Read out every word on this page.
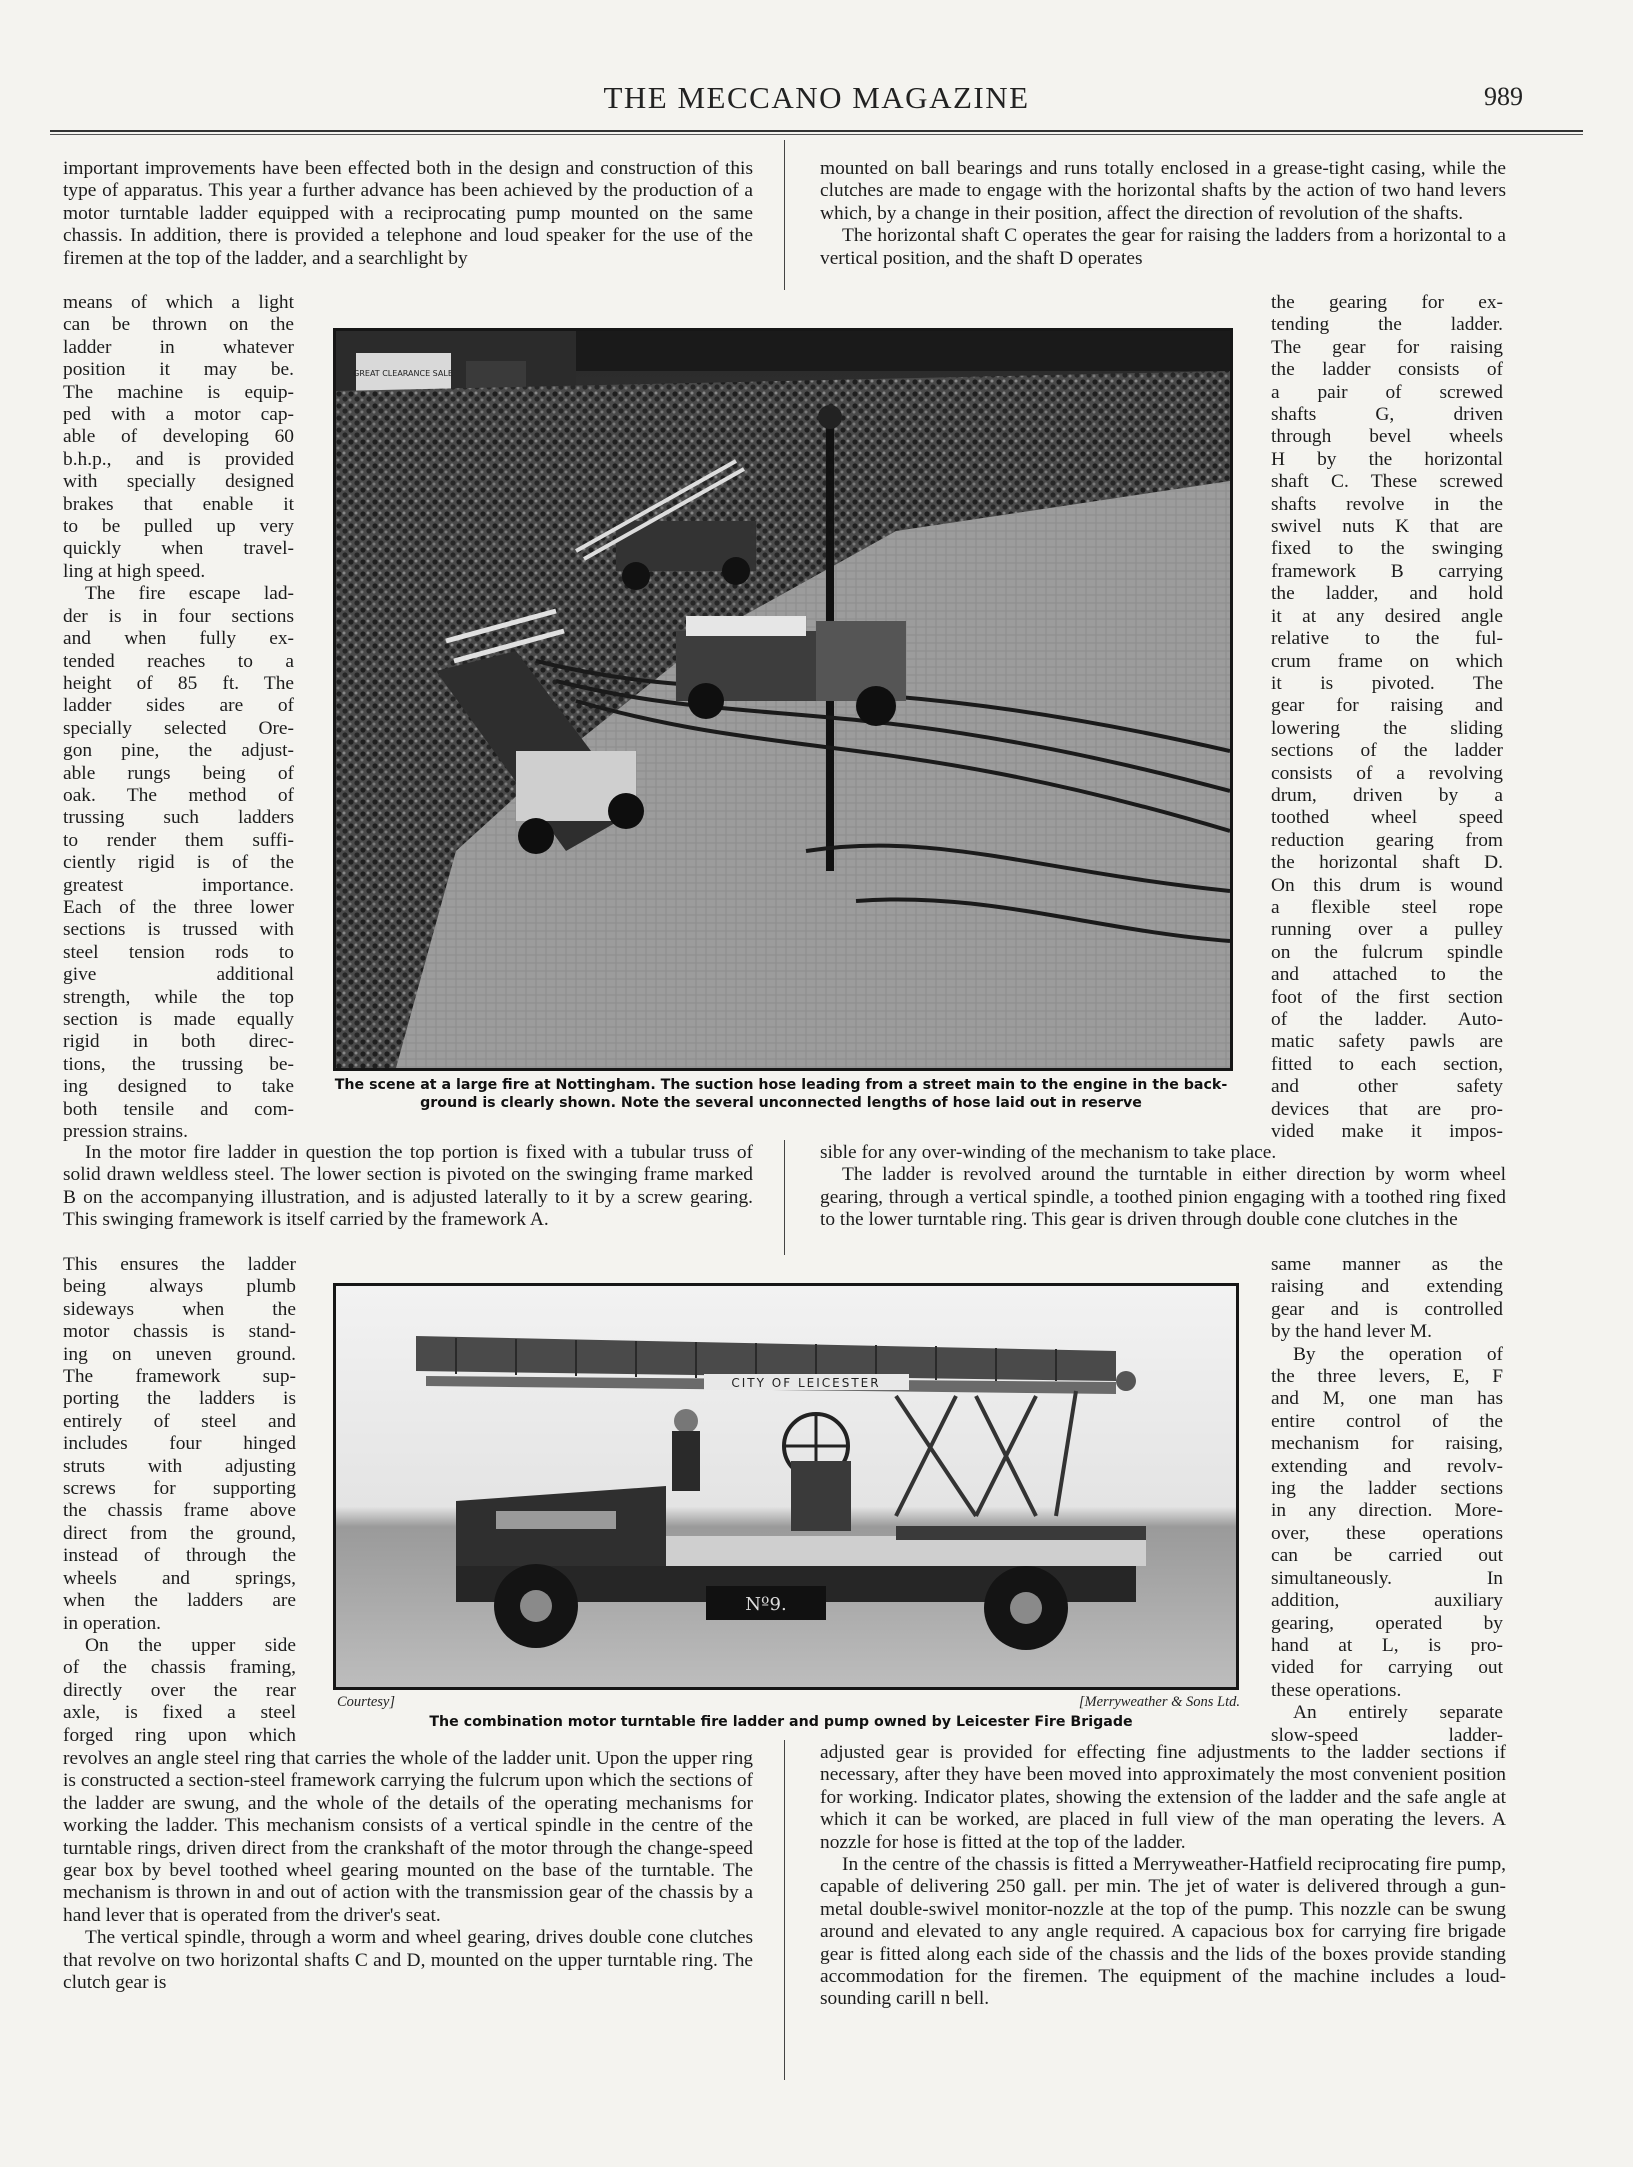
THE MECCANO MAGAZINE	989

important improvements have been effected both in the design and construction of this type of apparatus. This year a further advance has been achieved by the production of a motor turntable ladder equipped with a reciprocating pump mounted on the same chassis. In addition, there is provided a telephone and loud speaker for the use of the firemen at the top of the ladder, and a searchlight by

means of which a light
can be thrown on the
ladder in whatever
position it may be.
The machine is equip-
ped with a motor cap-
able of developing 60
b.h.p., and is provided
with specially designed
brakes that enable it
to be pulled up very
quickly when travel-
ling at high speed.
The fire escape lad-
der is in four sections
and when fully ex-
tended reaches to a
height of 85 ft. The
ladder sides are of
specially selected Ore-
gon pine, the adjust-
able rungs being of
oak. The method of
trussing such ladders
to render them suffi-
ciently rigid is of the
greatest importance.
Each of the three lower
sections is trussed with
steel tension rods to
give additional
strength, while the top
section is made equally
rigid in both direc-
tions, the trussing be-
ing designed to take
both tensile and com-
pression strains.

In the motor fire ladder in question the top portion is fixed with a tubular truss of solid drawn weldless steel. The lower section is pivoted on the swinging frame marked B on the accompanying illustration, and is adjusted laterally to it by a screw gearing. This swinging framework is itself carried by the framework A.

This ensures the ladder
being always plumb
sideways when the
motor chassis is stand-
ing on uneven ground.
The framework sup-
porting the ladders is
entirely of steel and
includes four hinged
struts with adjusting
screws for supporting
the chassis frame above
direct from the ground,
instead of through the
wheels and springs,
when the ladders are
in operation.
On the upper side
of the chassis framing,
directly over the rear
axle, is fixed a steel
forged ring upon which

revolves an angle steel ring that carries the whole of the ladder unit. Upon the upper ring is constructed a section-steel framework carrying the fulcrum upon which the sections of the ladder are swung, and the whole of the details of the operating mechanisms for working the ladder. This mechanism consists of a vertical spindle in the centre of the turntable rings, driven direct from the crankshaft of the motor through the change-speed gear box by bevel toothed wheel gearing mounted on the base of the turntable. The mechanism is thrown in and out of action with the transmission gear of the chassis by a hand lever that is operated from the driver's seat.

The vertical spindle, through a worm and wheel gearing, drives double cone clutches that revolve on two horizontal shafts C and D, mounted on the upper turntable ring. The clutch gear is

mounted on ball bearings and runs totally enclosed in a grease-tight casing, while the clutches are made to engage with the horizontal shafts by the action of two hand levers which, by a change in their position, affect the direction of revolution of the shafts.

The horizontal shaft C operates the gear for raising the ladders from a horizontal to a vertical position, and the shaft D operates

the gearing for ex-
tending the ladder.
The gear for raising
the ladder consists of
a pair of screwed
shafts G, driven
through bevel wheels
H by the horizontal
shaft C. These screwed
shafts revolve in the
swivel nuts K that are
fixed to the swinging
framework B carrying
the ladder, and hold
it at any desired angle
relative to the ful-
crum frame on which
it is pivoted. The
gear for raising and
lowering the sliding
sections of the ladder
consists of a revolving
drum, driven by a
toothed wheel speed
reduction gearing from
the horizontal shaft D.
On this drum is wound
a flexible steel rope
running over a pulley
on the fulcrum spindle
and attached to the
foot of the first section
of the ladder. Auto-
matic safety pawls are
fitted to each section,
and other safety
devices that are pro-
vided make it impos-

sible for any over-winding of the mechanism to take place.

The ladder is revolved around the turntable in either direction by worm wheel gearing, through a vertical spindle, a toothed pinion engaging with a toothed ring fixed to the lower turntable ring. This gear is driven through double cone clutches in the

same manner as the
raising and extending
gear and is controlled
by the hand lever M.
By the operation of
the three levers, E, F
and M, one man has
entire control of the
mechanism for raising,
extending and revolv-
ing the ladder sections
in any direction. More-
over, these operations
can be carried out
simultaneously. In
addition, auxiliary
gearing, operated by
hand at L, is pro-
vided for carrying out
these operations.
An entirely separate
slow-speed ladder-

adjusted gear is provided for effecting fine adjustments to the ladder sections if necessary, after they have been moved into approximately the most convenient position for working. Indicator plates, showing the extension of the ladder and the safe angle at which it can be worked, are placed in full view of the man operating the levers. A nozzle for hose is fitted at the top of the ladder.

In the centre of the chassis is fitted a Merryweather-Hatfield reciprocating fire pump, capable of delivering 250 gall. per min. The jet of water is delivered through a gun-metal double-swivel monitor-nozzle at the top of the pump. This nozzle can be swung around and elevated to any angle required. A capacious box for carrying fire brigade gear is fitted along each side of the chassis and the lids of the boxes provide standing accommodation for the firemen. The equipment of the machine includes a loud-sounding carill n bell.

GREAT CLEARANCE SALE
The scene at a large fire at Nottingham. The suction hose leading from a street main to the engine in the back-
ground is clearly shown. Note the several unconnected lengths of hose laid out in reserve
CITY OF LEICESTER
Nº9.
Courtesy]	[Merryweather & Sons Ltd.
The combination motor turntable fire ladder and pump owned by Leicester Fire Brigade
